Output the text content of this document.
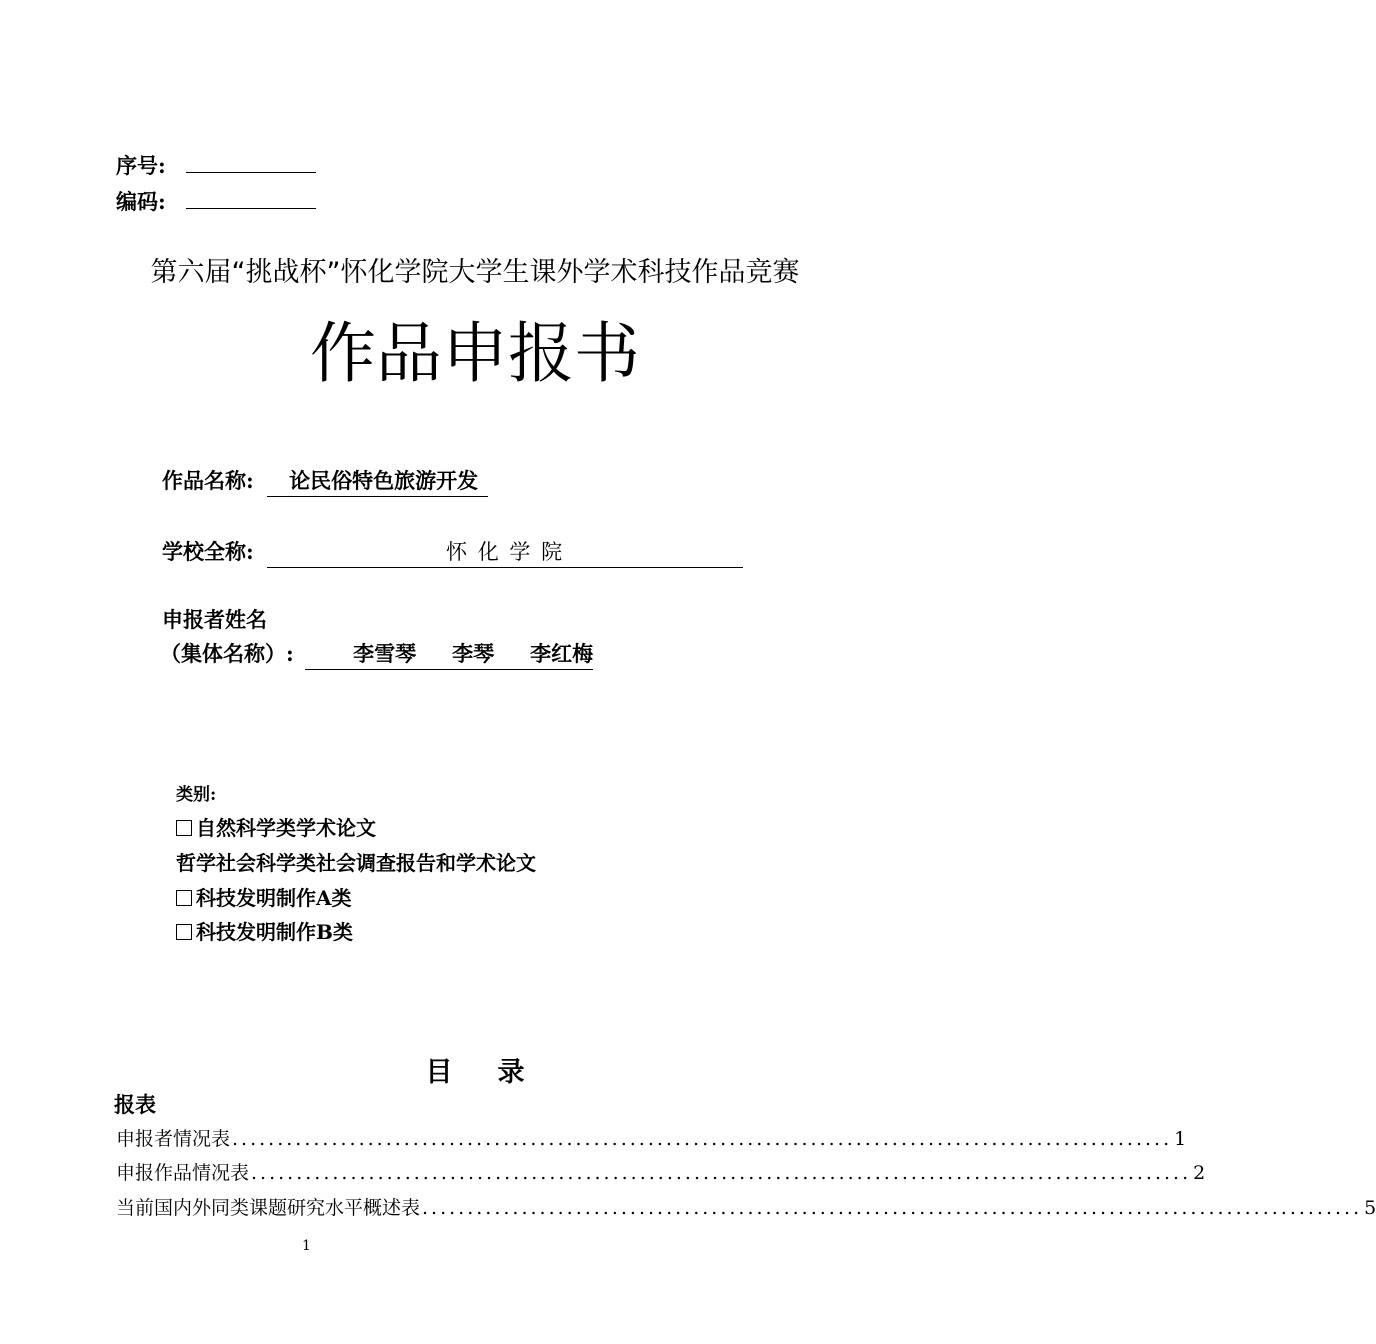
序号:
编码:
第六届“挑战杯”怀化学院大学生课外学术科技作品竞赛
作品申报书
作品名称: 论民俗特色旅游开发
学校全称:	怀 化 学 院
申报者姓名
（集体名称）:	李雪琴 李琴 李红梅
类别:
自然科学类学术论文
哲学社会科学类社会调查报告和学术论文
科技发明制作A类
科技发明制作B类
目录
报表
申报者情况表 ........................................................................................................ 1
申报作品情况表 ........................................................................................................ 2
当前国内外同类课题研究水平概述表 ........................................................................................................ 5
1
